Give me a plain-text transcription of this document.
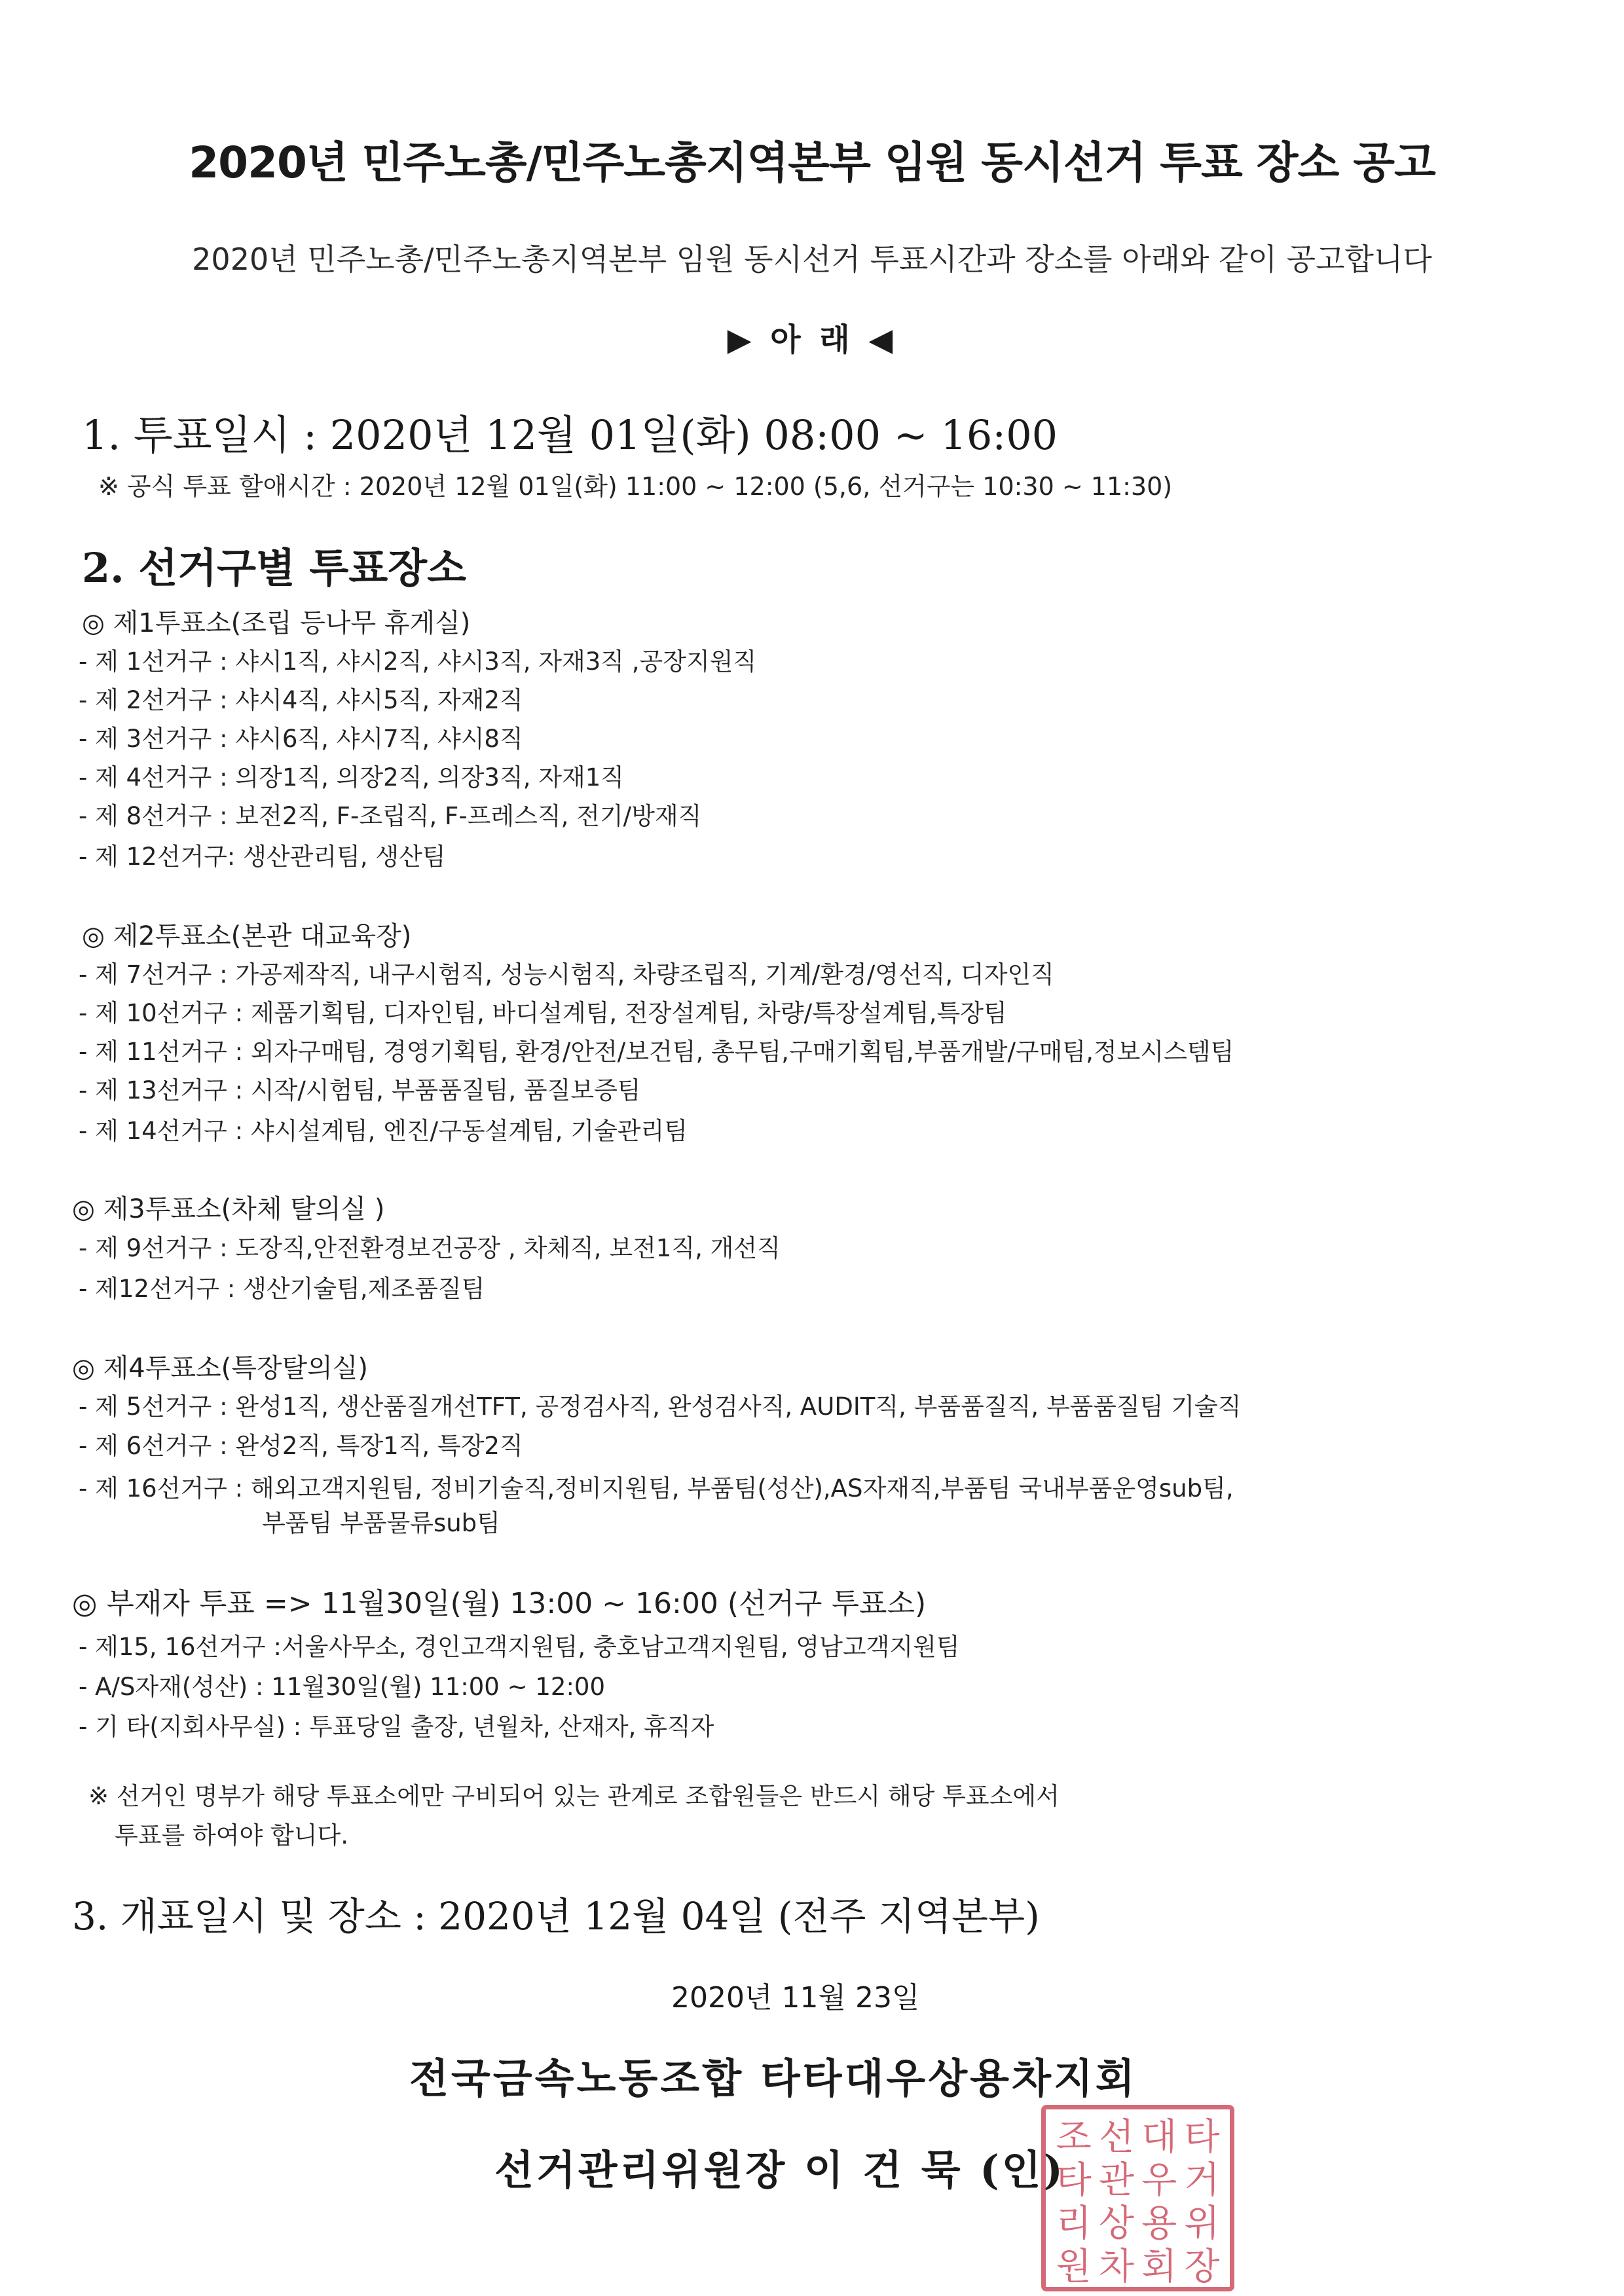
2020년 민주노총/민주노총지역본부 임원 동시선거 투표 장소 공고
2020년 민주노총/민주노총지역본부 임원 동시선거 투표시간과 장소를 아래와 같이 공고합니다
▶ 아 래 ◀
1. 투표일시 : 2020년 12월 01일(화) 08:00 ~ 16:00
※ 공식 투표 할애시간 : 2020년 12월 01일(화) 11:00 ~ 12:00 (5,6, 선거구는 10:30 ~ 11:30)
2. 선거구별 투표장소
◎ 제1투표소(조립 등나무 휴게실)
- 제 1선거구 : 샤시1직, 샤시2직, 샤시3직, 자재3직 ,공장지원직
- 제 2선거구 : 샤시4직, 샤시5직, 자재2직
- 제 3선거구 : 샤시6직, 샤시7직, 샤시8직
- 제 4선거구 : 의장1직, 의장2직, 의장3직, 자재1직
- 제 8선거구 : 보전2직, F-조립직, F-프레스직, 전기/방재직
- 제 12선거구: 생산관리팀, 생산팀
◎ 제2투표소(본관 대교육장)
- 제 7선거구 : 가공제작직, 내구시험직, 성능시험직, 차량조립직, 기계/환경/영선직, 디자인직
- 제 10선거구 : 제품기획팀, 디자인팀, 바디설계팀, 전장설계팀, 차량/특장설계팀,특장팀
- 제 11선거구 : 외자구매팀, 경영기획팀, 환경/안전/보건팀, 총무팀,구매기획팀,부품개발/구매팀,정보시스템팀
- 제 13선거구 : 시작/시험팀, 부품품질팀, 품질보증팀
- 제 14선거구 : 샤시설계팀, 엔진/구동설계팀, 기술관리팀
◎ 제3투표소(차체 탈의실 )
- 제 9선거구 : 도장직,안전환경보건공장 , 차체직, 보전1직, 개선직
- 제12선거구 : 생산기술팀,제조품질팀
◎ 제4투표소(특장탈의실)
- 제 5선거구 : 완성1직, 생산품질개선TFT, 공정검사직, 완성검사직, AUDIT직, 부품품질직, 부품품질팀 기술직
- 제 6선거구 : 완성2직, 특장1직, 특장2직
- 제 16선거구 : 해외고객지원팀, 정비기술직,정비지원팀, 부품팀(성산),AS자재직,부품팀 국내부품운영sub팀,
부품팀 부품물류sub팀
◎ 부재자 투표 => 11월30일(월) 13:00 ~ 16:00 (선거구 투표소)
- 제15, 16선거구 :서울사무소, 경인고객지원팀, 충호남고객지원팀, 영남고객지원팀
- A/S자재(성산) : 11월30일(월) 11:00 ~ 12:00
- 기 타(지회사무실) : 투표당일 출장, 년월차, 산재자, 휴직자
※ 선거인 명부가 해당 투표소에만 구비되어 있는 관계로 조합원들은 반드시 해당 투표소에서
투표를 하여야 합니다.
3. 개표일시 및 장소 : 2020년 12월 04일 (전주 지역본부)
2020년 11월 23일
전국금속노동조합 타타대우상용차지회
선거관리위원장 이 건 묵 (인)
조 선 대 타
타 관 우 거
리 상 용 위
원 차 회 장
